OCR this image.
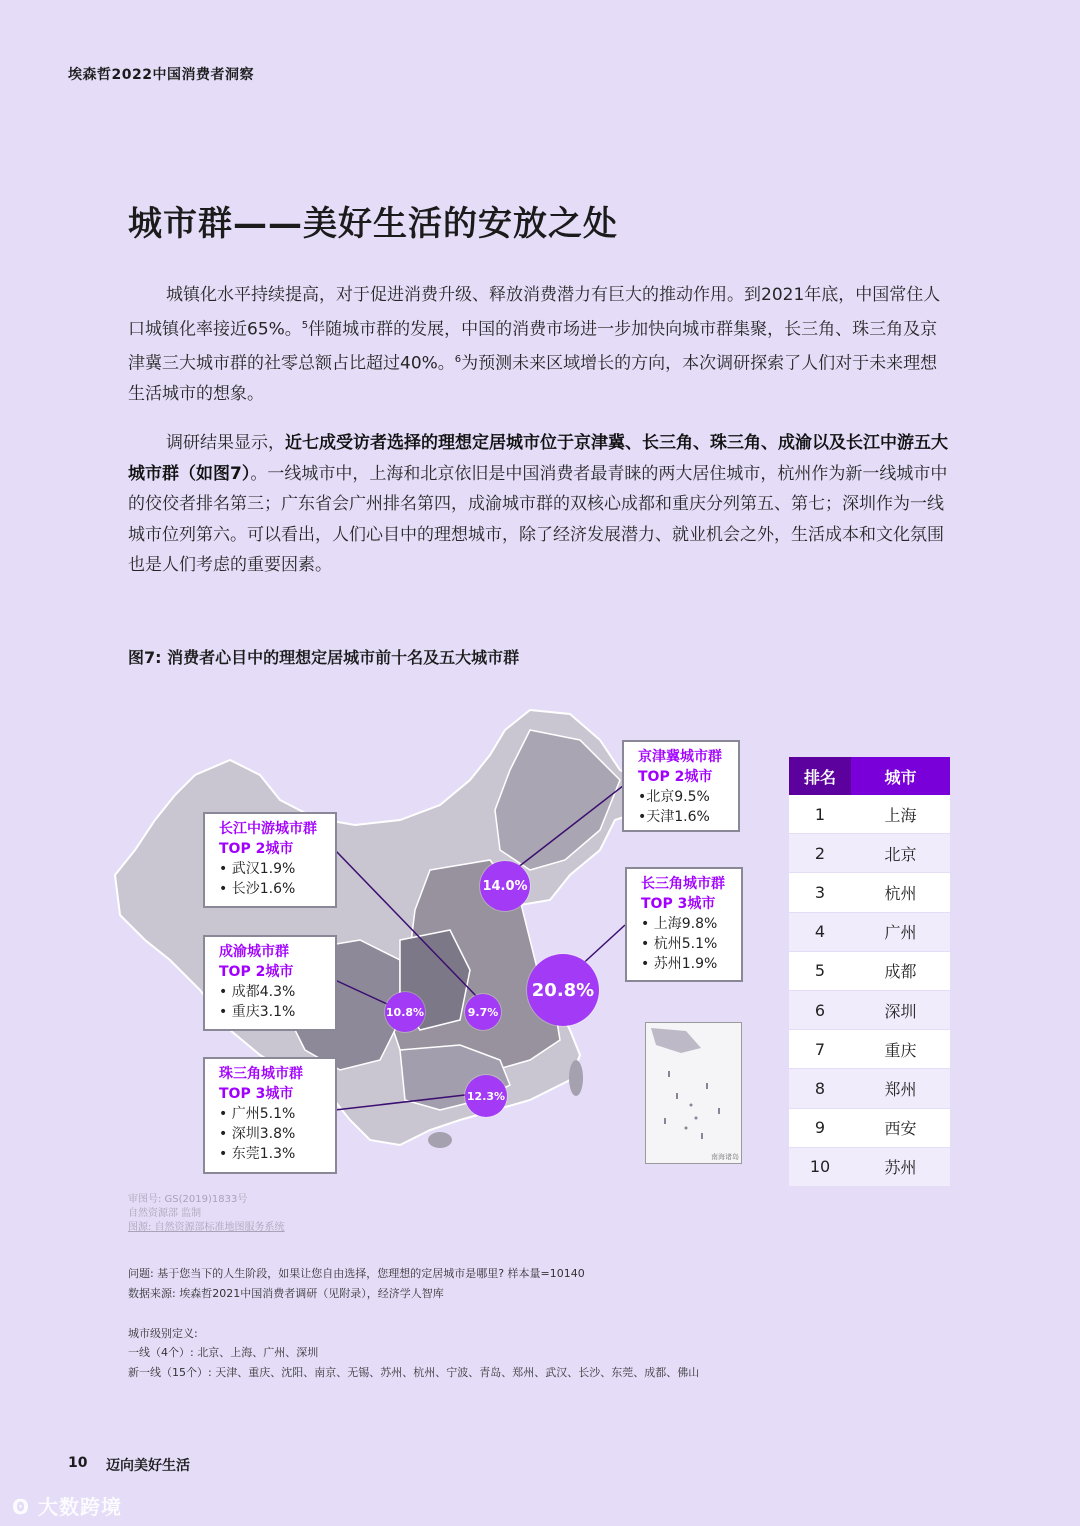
埃森哲2022中国消费者洞察
城市群——美好生活的安放之处
城镇化水平持续提高，对于促进消费升级、释放消费潜力有巨大的推动作用。到2021年底，中国常住人口城镇化率接近65%。$^5$伴随城市群的发展，中国的消费市场进一步加快向城市群集聚，长三角、珠三角及京津冀三大城市群的社零总额占比超过40%。$^6$为预测未来区域增长的方向，本次调研探索了人们对于未来理想生活城市的想象。
调研结果显示，近七成受访者选择的理想定居城市位于京津冀、长三角、珠三角、成渝以及长江中游五大城市群（如图7）。一线城市中，上海和北京依旧是中国消费者最青睐的两大居住城市，杭州作为新一线城市中的佼佼者排名第三；广东省会广州排名第四，成渝城市群的双核心成都和重庆分列第五、第七；深圳作为一线城市位列第六。可以看出，人们心目中的理想城市，除了经济发展潜力、就业机会之外，生活成本和文化氛围也是人们考虑的重要因素。
图7: 消费者心目中的理想定居城市前十名及五大城市群
南海诸岛
14.0%
20.8%
9.7%
10.8%
12.3%
京津冀城市群
TOP 2城市
•北京9.5%
•天津1.6%
长三角城市群
TOP 3城市
• 上海9.8%
• 杭州5.1%
• 苏州1.9%
长江中游城市群
TOP 2城市
• 武汉1.9%
• 长沙1.6%
成渝城市群
TOP 2城市
• 成都4.3%
• 重庆3.1%
珠三角城市群
TOP 3城市
• 广州5.1%
• 深圳3.8%
• 东莞1.3%
排名	城市
1	上海
2	北京
3	杭州
4	广州
5	成都
6	深圳
7	重庆
8	郑州
9	西安
10	苏州
审图号: GS(2019)1833号
自然资源部 监制
图源: 自然资源部标准地图服务系统
问题: 基于您当下的人生阶段，如果让您自由选择，您理想的定居城市是哪里? 样本量=10140
数据来源: 埃森哲2021中国消费者调研（见附录），经济学人智库
城市级别定义:
一线（4个）: 北京、上海、广州、深圳
新一线（15个）: 天津、重庆、沈阳、南京、无锡、苏州、杭州、宁波、青岛、郑州、武汉、长沙、东莞、成都、佛山
10 迈向美好生活
ʘ 大数跨境
